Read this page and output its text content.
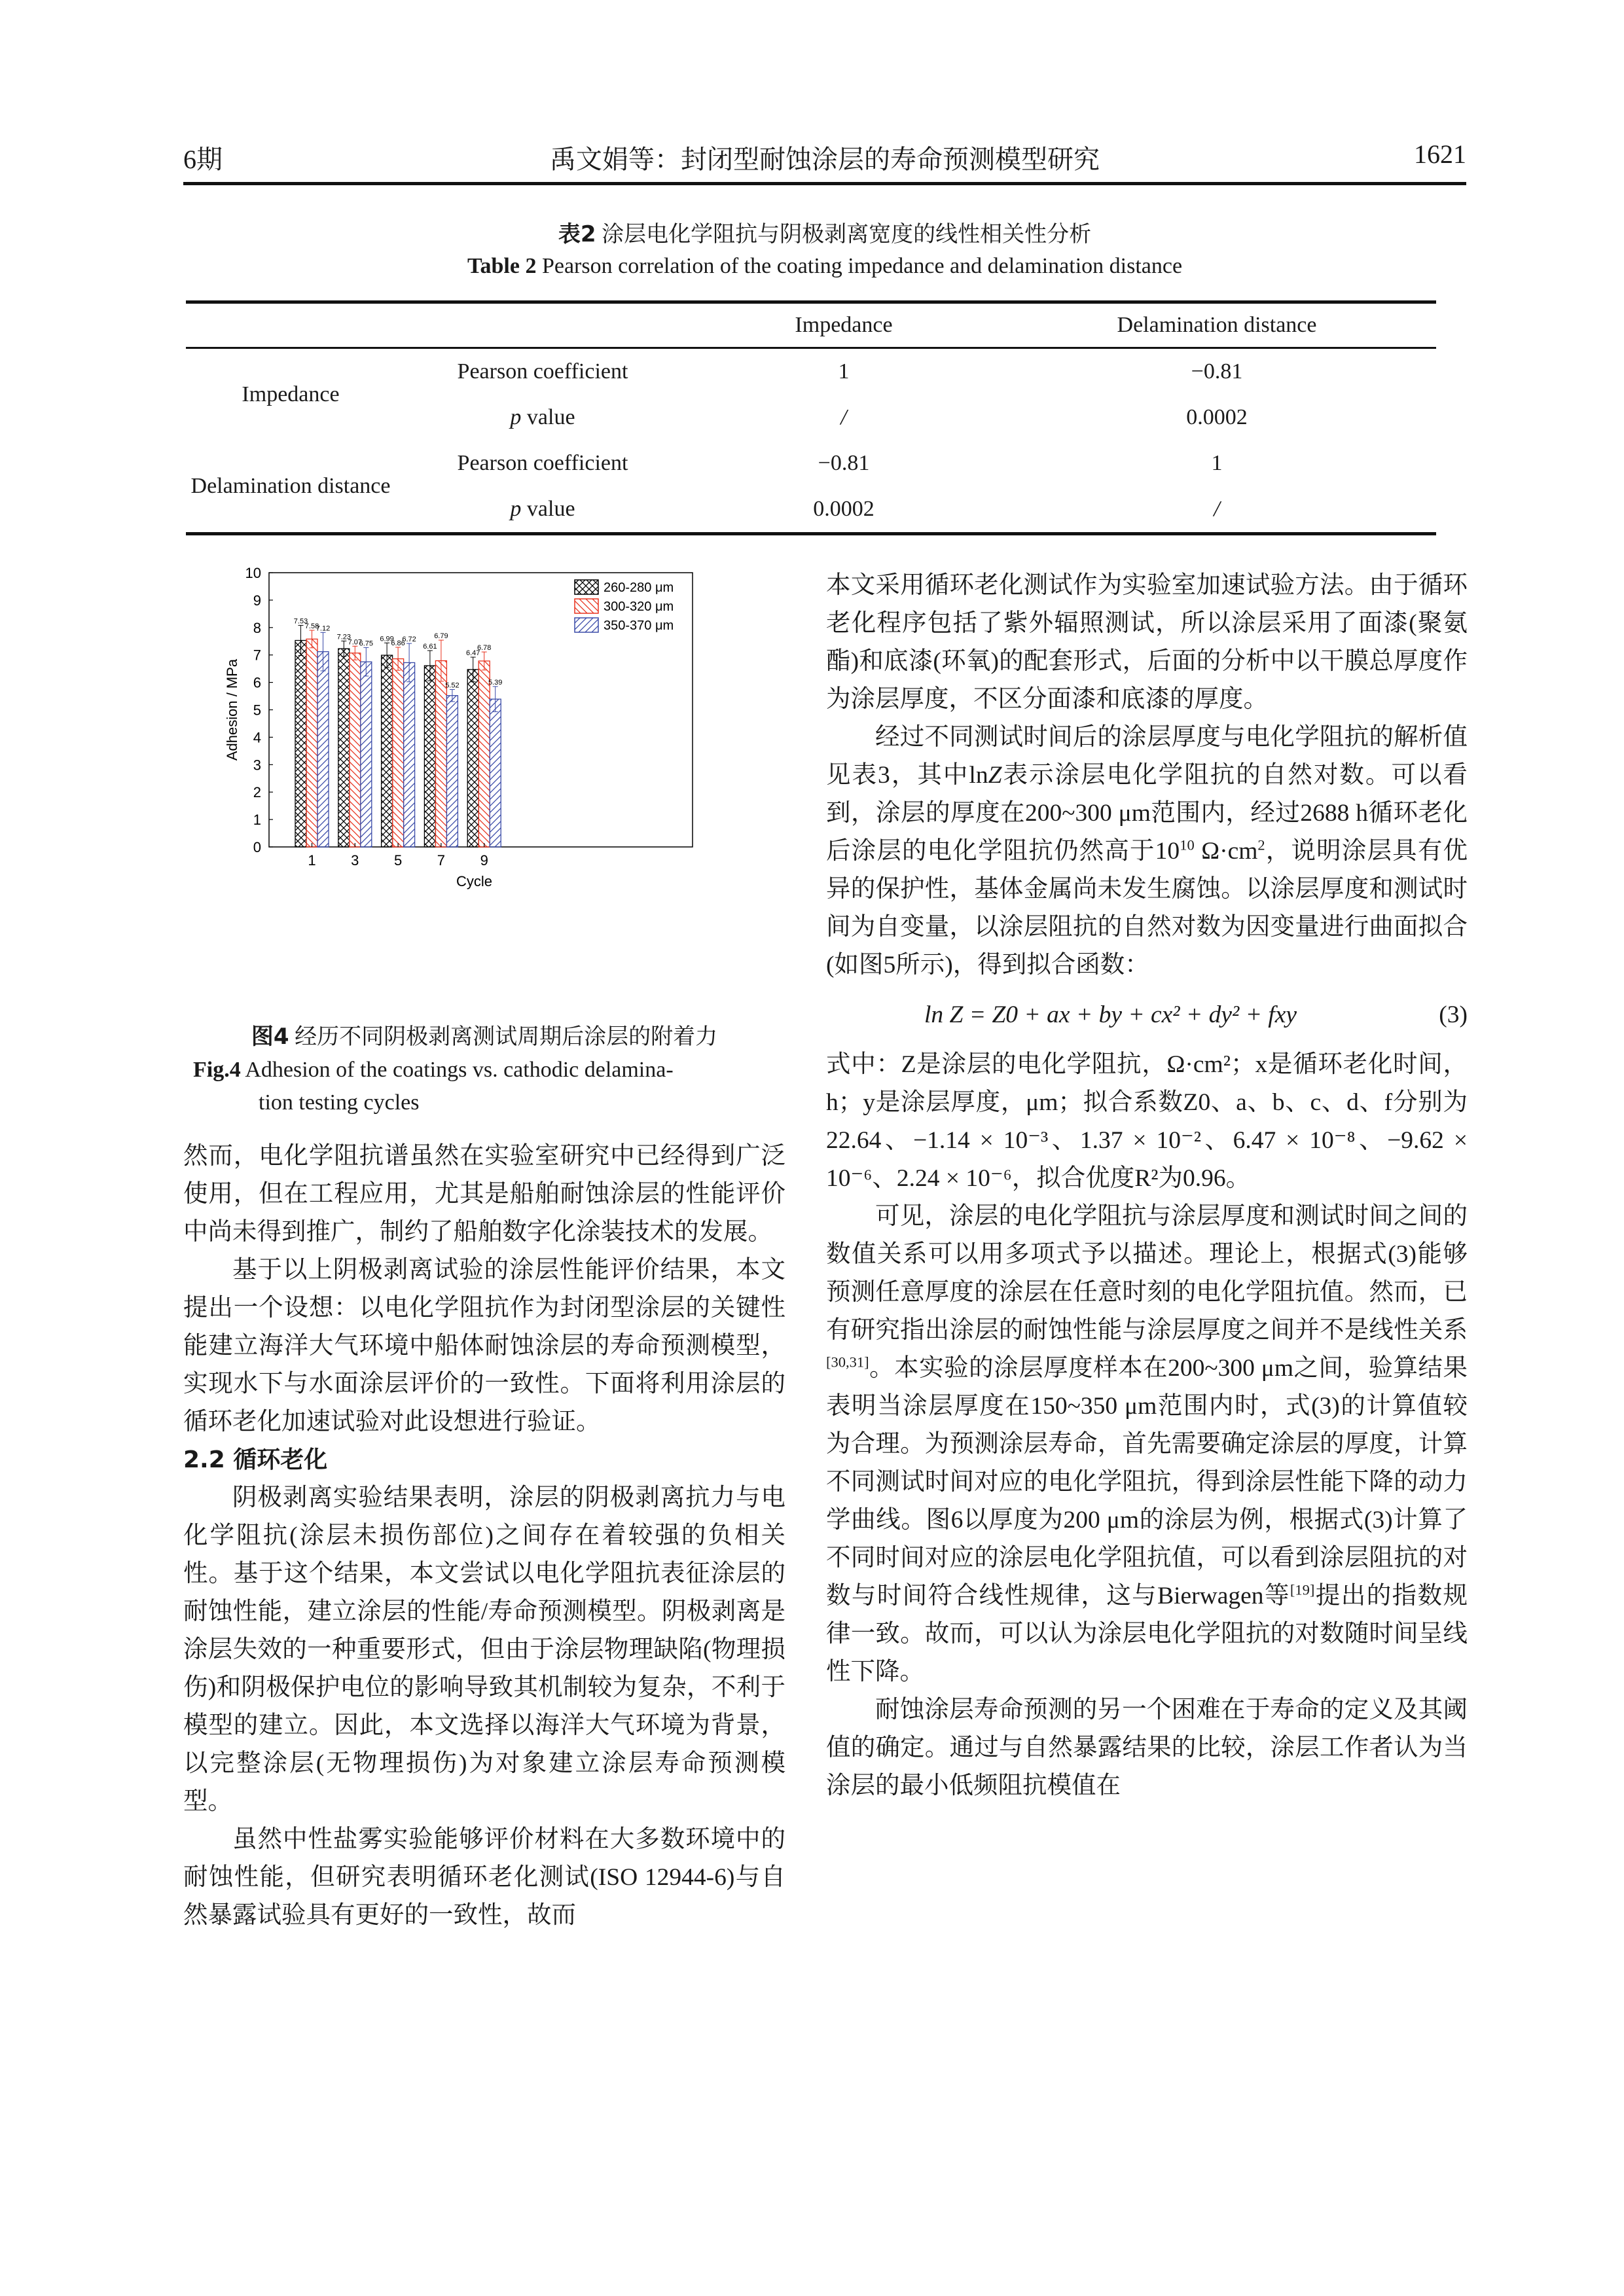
6期	禹文娟等：封闭型耐蚀涂层的寿命预测模型研究	1621
表2 涂层电化学阻抗与阴极剥离宽度的线性相关性分析
Table 2 Pearson correlation of the coating impedance and delamination distance
		Impedance	Delamination distance
Impedance	Pearson coefficient	1	−0.81
	p value	/	0.0002
Delamination distance	Pearson coefficient	−0.81	1
	p value	0.0002	/
0
1
2
3
4
5
6
7
8
9
10
7.53
7.58
7.12
1
7.23
7.07
6.75
3
6.99
6.86
6.72
5
6.61
6.79
5.52
7
6.47
6.78
5.39
9
Cycle
Adhesion / MPa
260-280 μm
300-320 μm
350-370 μm
图4 经历不同阴极剥离测试周期后涂层的附着力
Fig.4 Adhesion of the coatings vs. cathodic delamina-
tion testing cycles

然而，电化学阻抗谱虽然在实验室研究中已经得到广泛使用，但在工程应用，尤其是船舶耐蚀涂层的性能评价中尚未得到推广，制约了船舶数字化涂装技术的发展。

基于以上阴极剥离试验的涂层性能评价结果，本文提出一个设想：以电化学阻抗作为封闭型涂层的关键性能建立海洋大气环境中船体耐蚀涂层的寿命预测模型，实现水下与水面涂层评价的一致性。下面将利用涂层的循环老化加速试验对此设想进行验证。

2.2 循环老化

阴极剥离实验结果表明，涂层的阴极剥离抗力与电化学阻抗(涂层未损伤部位)之间存在着较强的负相关性。基于这个结果，本文尝试以电化学阻抗表征涂层的耐蚀性能，建立涂层的性能/寿命预测模型。阴极剥离是涂层失效的一种重要形式，但由于涂层物理缺陷(物理损伤)和阴极保护电位的影响导致其机制较为复杂，不利于模型的建立。因此，本文选择以海洋大气环境为背景，以完整涂层(无物理损伤)为对象建立涂层寿命预测模型。

虽然中性盐雾实验能够评价材料在大多数环境中的耐蚀性能，但研究表明循环老化测试(ISO 12944-6)与自然暴露试验具有更好的一致性，故而

本文采用循环老化测试作为实验室加速试验方法。由于循环老化程序包括了紫外辐照测试，所以涂层采用了面漆(聚氨酯)和底漆(环氧)的配套形式，后面的分析中以干膜总厚度作为涂层厚度，不区分面漆和底漆的厚度。

经过不同测试时间后的涂层厚度与电化学阻抗的解析值见表3，其中lnZ表示涂层电化学阻抗的自然对数。可以看到，涂层的厚度在200~300 μm范围内，经过2688 h循环老化后涂层的电化学阻抗仍然高于$10^{10}$ $\Omega\cdot cm^2$，说明涂层具有优异的保护性，基体金属尚未发生腐蚀。以涂层厚度和测试时间为自变量，以涂层阻抗的自然对数为因变量进行曲面拟合(如图5所示)，得到拟合函数：

ln Z = Z0 + ax + by + cx² + dy² + fxy	(3)

式中：Z是涂层的电化学阻抗，Ω·cm²；x是循环老化时间，h；y是涂层厚度，μm；拟合系数Z0、a、b、c、d、f分别为22.64、−1.14 × 10⁻³、1.37 × 10⁻²、6.47 × 10⁻⁸、−9.62 × 10⁻⁶、2.24 × 10⁻⁶，拟合优度R²为0.96。

可见，涂层的电化学阻抗与涂层厚度和测试时间之间的数值关系可以用多项式予以描述。理论上，根据式(3)能够预测任意厚度的涂层在任意时刻的电化学阻抗值。然而，已有研究指出涂层的耐蚀性能与涂层厚度之间并不是线性关系[30,31]。本实验的涂层厚度样本在200~300 μm之间，验算结果表明当涂层厚度在150~350 μm范围内时，式(3)的计算值较为合理。为预测涂层寿命，首先需要确定涂层的厚度，计算不同测试时间对应的电化学阻抗，得到涂层性能下降的动力学曲线。图6以厚度为200 μm的涂层为例，根据式(3)计算了不同时间对应的涂层电化学阻抗值，可以看到涂层阻抗的对数与时间符合线性规律，这与Bierwagen等[19]提出的指数规律一致。故而，可以认为涂层电化学阻抗的对数随时间呈线性下降。

耐蚀涂层寿命预测的另一个困难在于寿命的定义及其阈值的确定。通过与自然暴露结果的比较，涂层工作者认为当涂层的最小低频阻抗模值在
